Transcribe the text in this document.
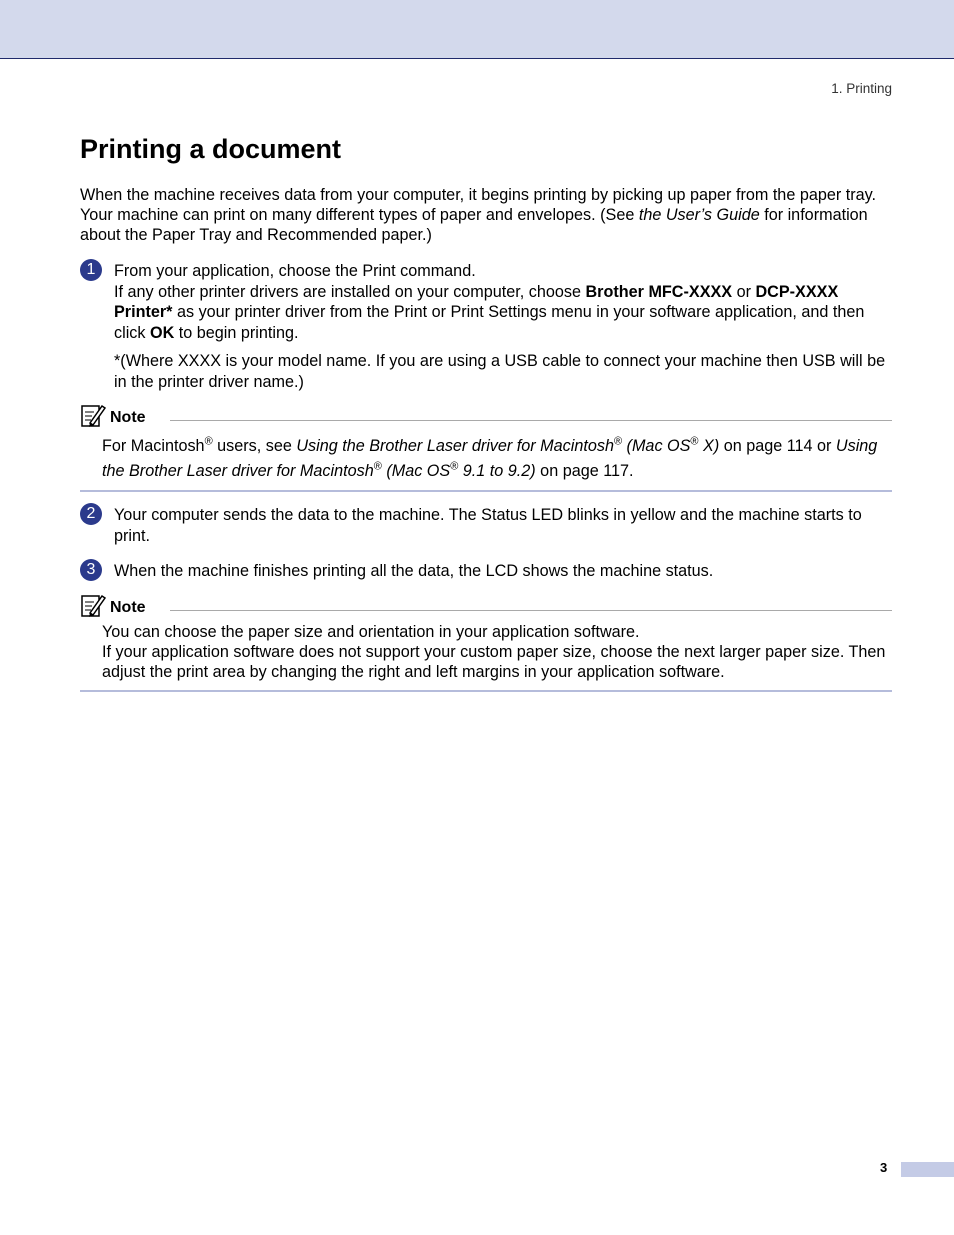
1. Printing
Printing a document
When the machine receives data from your computer, it begins printing by picking up paper from the paper tray. Your machine can print on many different types of paper and envelopes. (See the User’s Guide for information about the Paper Tray and Recommended paper.)
1	From your application, choose the Print command.
If any other printer drivers are installed on your computer, choose Brother MFC-XXXX or DCP-XXXX Printer* as your printer driver from the Print or Print Settings menu in your software application, and then click OK to begin printing.
*(Where XXXX is your model name. If you are using a USB cable to connect your machine then USB will be in the printer driver name.)
Note
For Macintosh® users, see Using the Brother Laser driver for Macintosh® (Mac OS® X) on page 114 or Using the Brother Laser driver for Macintosh® (Mac OS® 9.1 to 9.2) on page 117.
2	Your computer sends the data to the machine. The Status LED blinks in yellow and the machine starts to print.
3	When the machine finishes printing all the data, the LCD shows the machine status.
Note
You can choose the paper size and orientation in your application software.
If your application software does not support your custom paper size, choose the next larger paper size. Then adjust the print area by changing the right and left margins in your application software.
3
